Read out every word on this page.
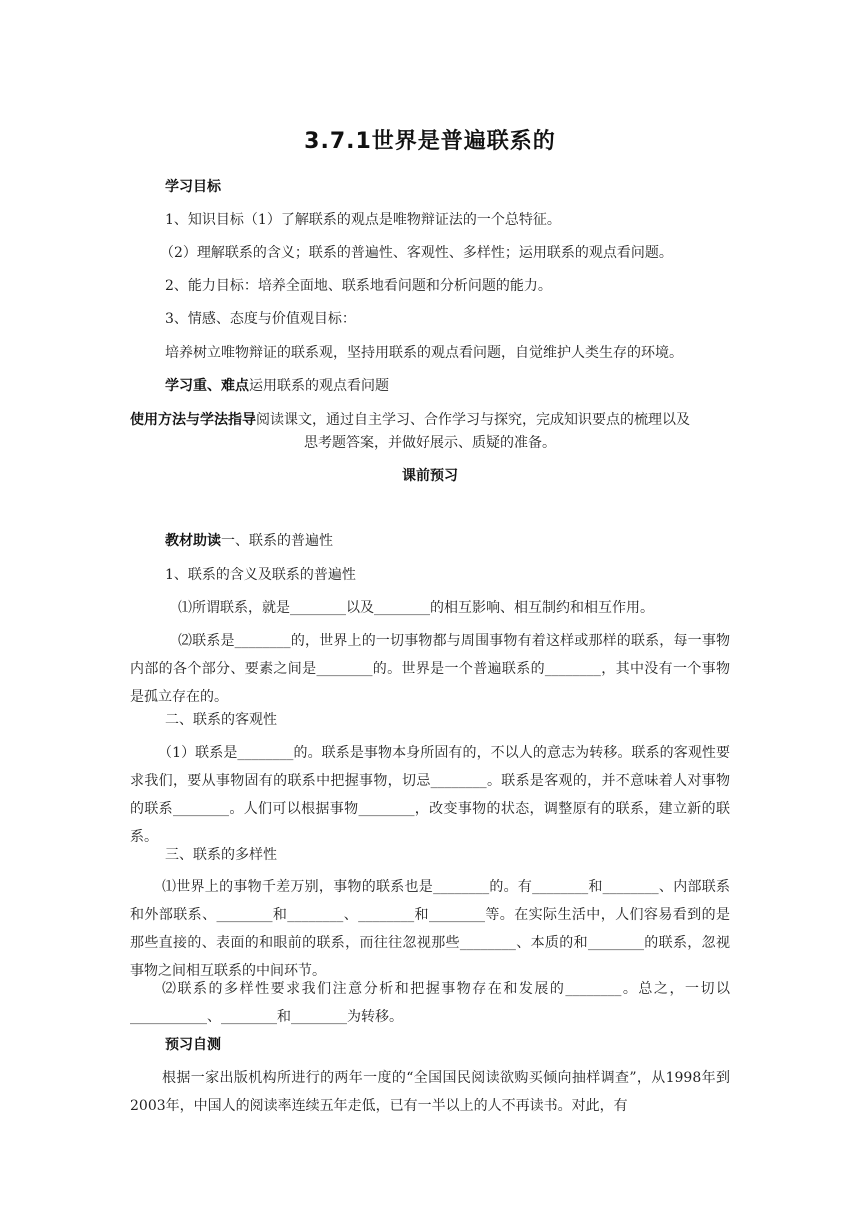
3.7.1世界是普遍联系的
学习目标
1、知识目标（1）了解联系的观点是唯物辩证法的一个总特征。
（2）理解联系的含义；联系的普遍性、客观性、多样性；运用联系的观点看问题。
2、能力目标：培养全面地、联系地看问题和分析问题的能力。
3、情感、态度与价值观目标：
培养树立唯物辩证的联系观，坚持用联系的观点看问题，自觉维护人类生存的环境。
学习重、难点运用联系的观点看问题
使用方法与学法指导阅读课文，通过自主学习、合作学习与探究，完成知识要点的梳理以及
思考题答案，并做好展示、质疑的准备。
课前预习
教材助读一、联系的普遍性
1、联系的含义及联系的普遍性
⑴所谓联系，就是________以及________的相互影响、相互制约和相互作用。
⑵联系是________的，世界上的一切事物都与周围事物有着这样或那样的联系，每一事物内部的各个部分、要素之间是________的。世界是一个普遍联系的________，其中没有一个事物是孤立存在的。
二、联系的客观性
（1）联系是________的。联系是事物本身所固有的，不以人的意志为转移。联系的客观性要求我们，要从事物固有的联系中把握事物，切忌________。联系是客观的，并不意味着人对事物的联系________。人们可以根据事物________，改变事物的状态，调整原有的联系，建立新的联系。
三、联系的多样性
⑴世界上的事物千差万别，事物的联系也是________的。有________和________、内部联系和外部联系、________和________、________和________等。在实际生活中，人们容易看到的是那些直接的、表面的和眼前的联系，而往往忽视那些________、本质的和________的联系，忽视事物之间相互联系的中间环节。
⑵联系的多样性要求我们注意分析和把握事物存在和发展的________。总之，一切以___________、________和________为转移。
预习自测
根据一家出版机构所进行的两年一度的“全国国民阅读欲购买倾向抽样调查”，从1998年到2003年，中国人的阅读率连续五年走低，已有一半以上的人不再读书。对此，有
